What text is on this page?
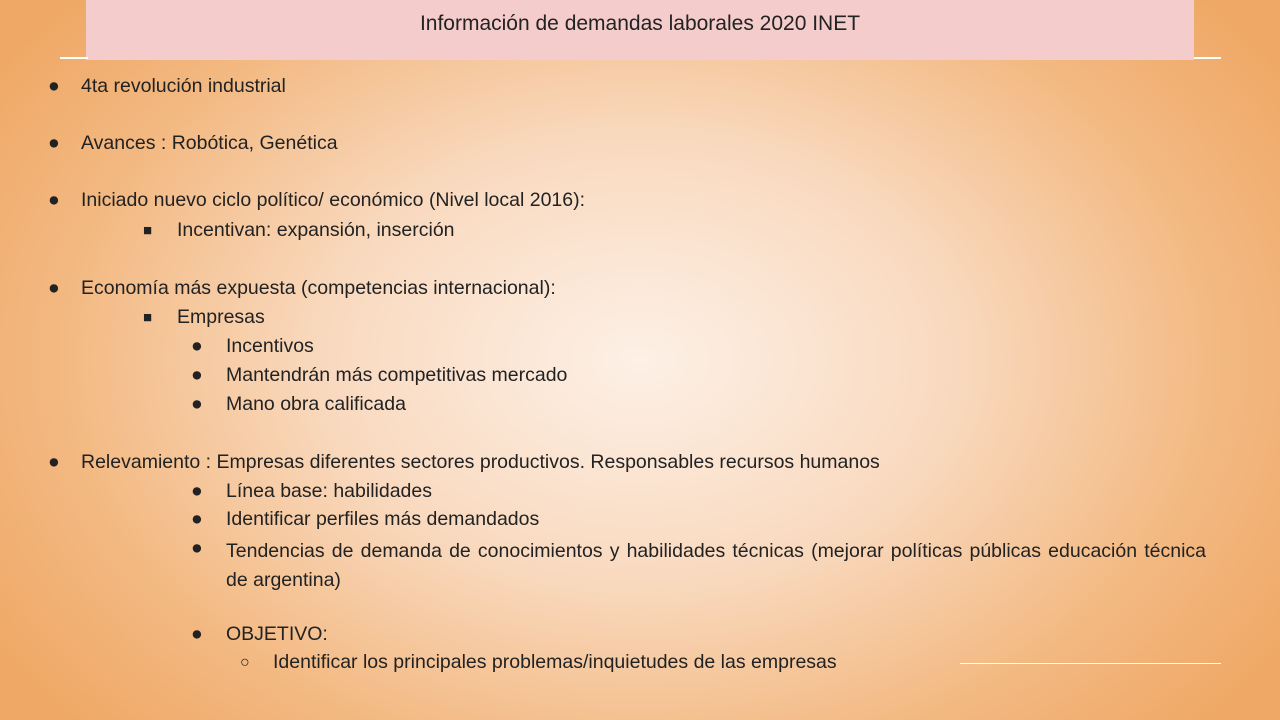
Información de demandas laborales 2020 INET
● 4ta revolución industrial
● Avances : Robótica, Genética
● Iniciado nuevo ciclo político/ económico (Nivel local 2016):
■ Incentivan: expansión, inserción
● Economía más expuesta (competencias internacional):
■ Empresas
● Incentivos
● Mantendrán más competitivas mercado
● Mano obra calificada
● Relevamiento : Empresas diferentes sectores productivos. Responsables recursos humanos
● Línea base: habilidades
● Identificar perfiles más demandados
● Tendencias de demanda de conocimientos y habilidades técnicas (mejorar políticas públicas educación técnica de argentina)
● OBJETIVO:
○ Identificar los principales problemas/inquietudes de las empresas
